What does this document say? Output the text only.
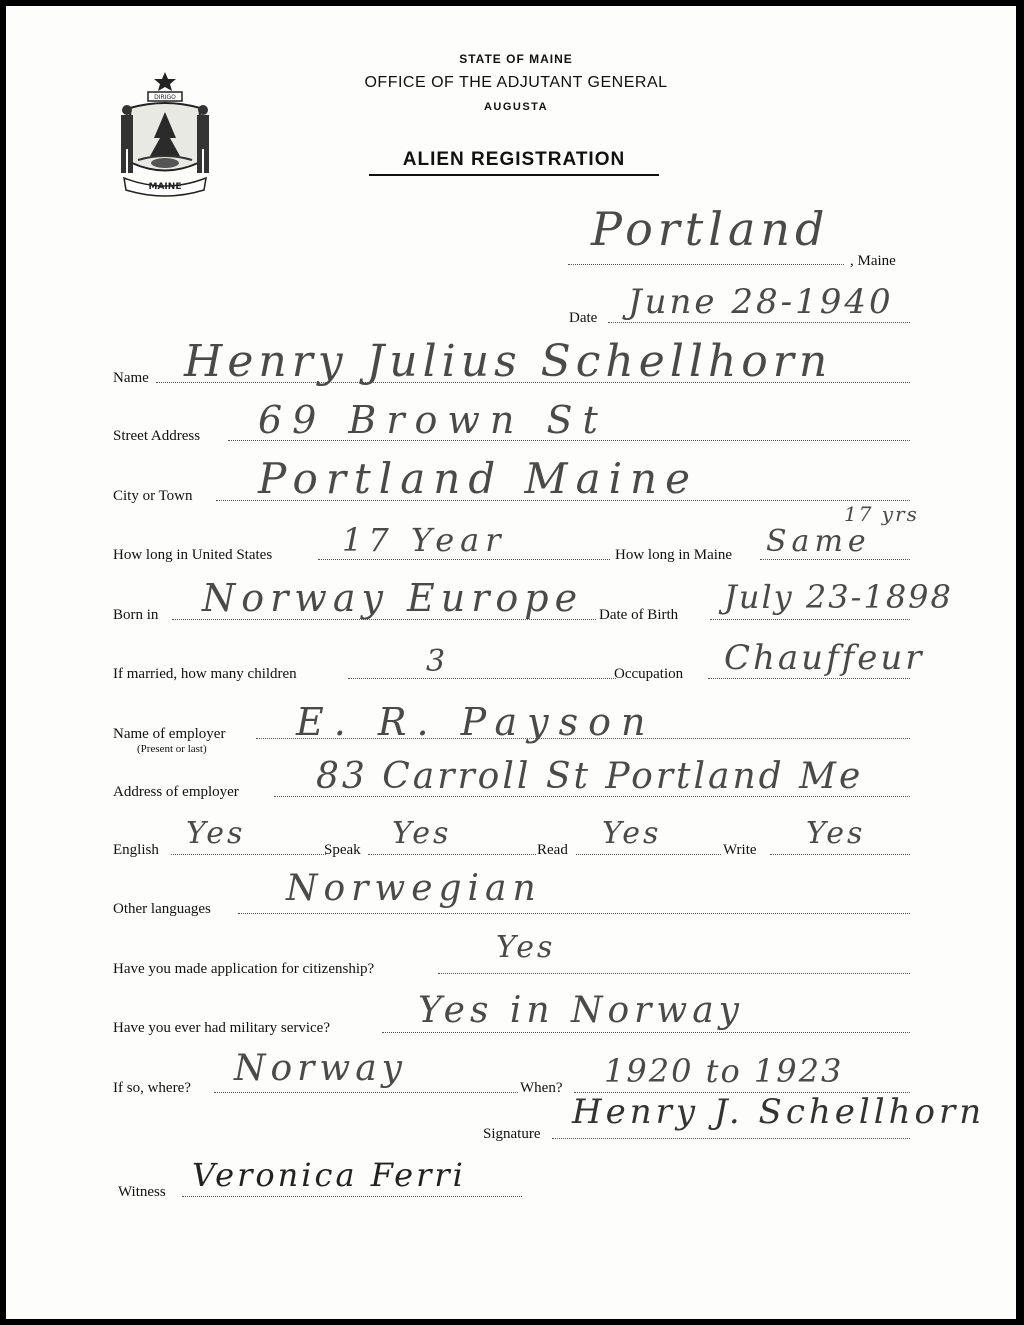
DIRIGO
MAINE
STATE OF MAINE
OFFICE OF THE ADJUTANT GENERAL
AUGUSTA
ALIEN REGISTRATION
Portland
, Maine
Date June 28-1940
Name Henry Julius Schellhorn
Street Address 69 Brown St
City or Town Portland Maine
How long in United States 17 Year	How long in Maine Same
17 yrs
Born in Norway Europe Date of Birth July 23-1898
If married, how many children	3	Occupation Chauffeur
Name of employer
(Present or last)
E. R. Payson
Address of employer 83 Carroll St Portland Me
English Yes	Speak Yes	Read Yes	Write Yes
Other languages Norwegian
Have you made application for citizenship?
Yes
Have you ever had military service? Yes in Norway
If so, where? Norway	When? 1920 to 1923
Signature
Henry J. Schellhorn
Witness Veronica Ferri
